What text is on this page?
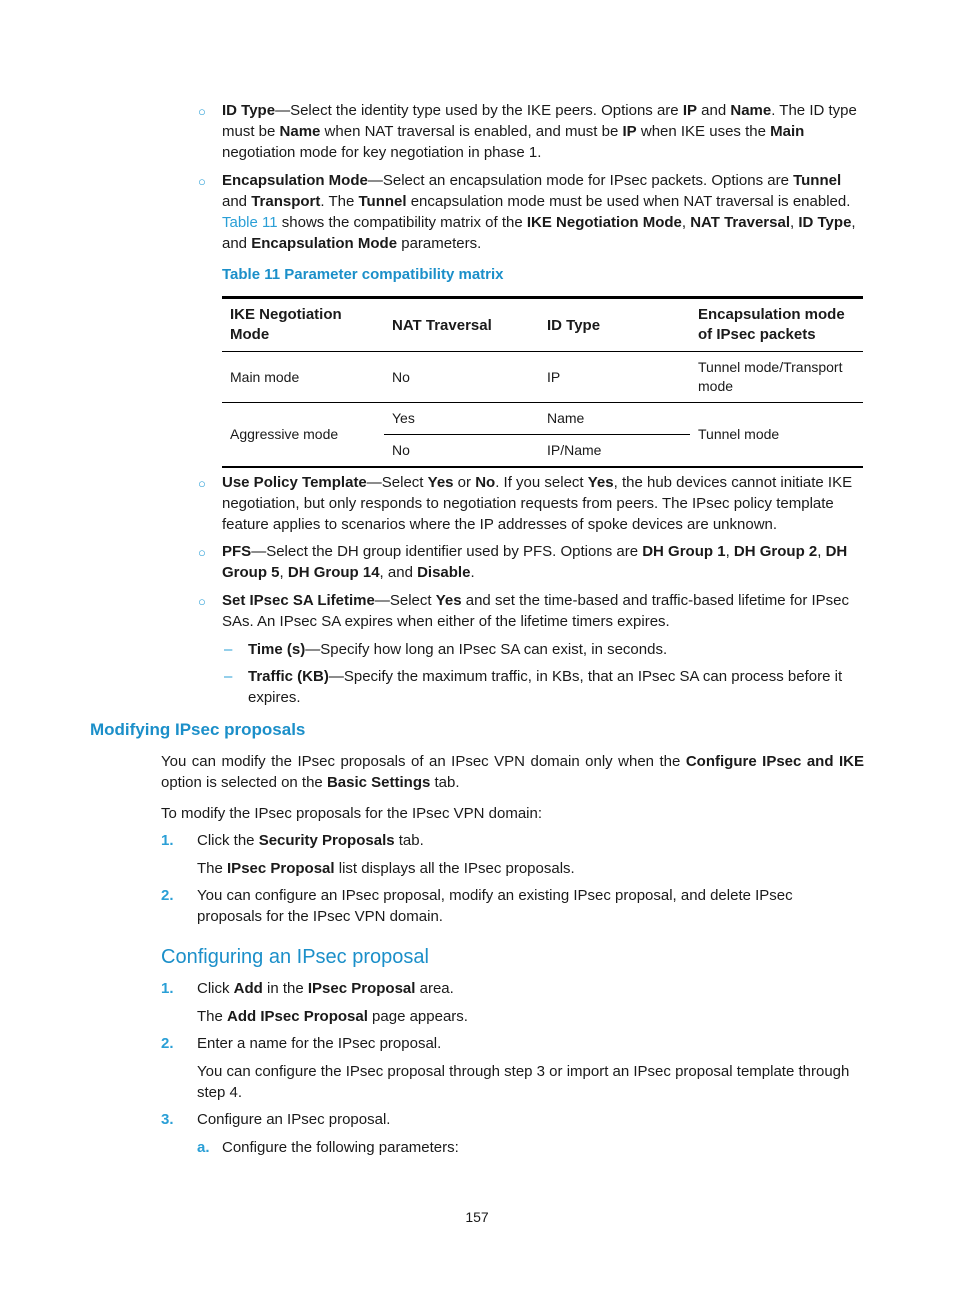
○ ID Type—Select the identity type used by the IKE peers. Options are IP and Name. The ID type must be Name when NAT traversal is enabled, and must be IP when IKE uses the Main negotiation mode for key negotiation in phase 1.
○ Encapsulation Mode—Select an encapsulation mode for IPsec packets. Options are Tunnel and Transport. The Tunnel encapsulation mode must be used when NAT traversal is enabled. Table 11 shows the compatibility matrix of the IKE Negotiation Mode, NAT Traversal, ID Type, and Encapsulation Mode parameters.
Table 11 Parameter compatibility matrix
IKE Negotiation Mode	NAT Traversal	ID Type	Encapsulation mode of IPsec packets
Main mode	No	IP	Tunnel mode/Transport mode
Aggressive mode	Yes	Name	Tunnel mode
	No	IP/Name	
○ Use Policy Template—Select Yes or No. If you select Yes, the hub devices cannot initiate IKE negotiation, but only responds to negotiation requests from peers. The IPsec policy template feature applies to scenarios where the IP addresses of spoke devices are unknown.
○ PFS—Select the DH group identifier used by PFS. Options are DH Group 1, DH Group 2, DH Group 5, DH Group 14, and Disable.
○ Set IPsec SA Lifetime—Select Yes and set the time-based and traffic-based lifetime for IPsec SAs. An IPsec SA expires when either of the lifetime timers expires.
– Time (s)—Specify how long an IPsec SA can exist, in seconds.
– Traffic (KB)—Specify the maximum traffic, in KBs, that an IPsec SA can process before it expires.
Modifying IPsec proposals
You can modify the IPsec proposals of an IPsec VPN domain only when the Configure IPsec and IKE option is selected on the Basic Settings tab.
To modify the IPsec proposals for the IPsec VPN domain:
1. Click the Security Proposals tab.
The IPsec Proposal list displays all the IPsec proposals.
2. You can configure an IPsec proposal, modify an existing IPsec proposal, and delete IPsec proposals for the IPsec VPN domain.
Configuring an IPsec proposal
1. Click Add in the IPsec Proposal area.
The Add IPsec Proposal page appears.
2. Enter a name for the IPsec proposal.
You can configure the IPsec proposal through step 3 or import an IPsec proposal template through step 4.
3. Configure an IPsec proposal.
a. Configure the following parameters:
157
